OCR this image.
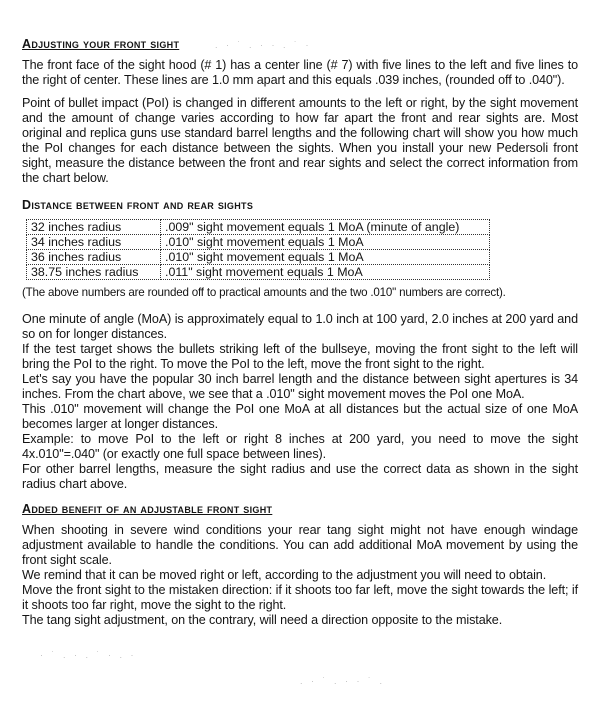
Adjusting your front sight	. · ˙ . · · . ˙ ·

The front face of the sight hood (# 1) has a center line (# 7) with five lines to the left and five lines to the right of center. These lines are 1.0 mm apart and this equals .039 inches, (rounded off to .040").

Point of bullet impact (PoI) is changed in different amounts to the left or right, by the sight movement and the amount of change varies according to how far apart the front and rear sights are. Most original and replica guns use standard barrel lengths and the following chart will show you how much the PoI changes for each distance between the sights. When you install your new Pedersoli front sight, measure the distance between the front and rear sights and select the correct information from the chart below.

Distance between front and rear sights
32 inches radius	.009" sight movement equals 1 MoA (minute of angle)
34 inches radius	.010" sight movement equals 1 MoA
36 inches radius	.010" sight movement equals 1 MoA
38.75 inches radius	.011" sight movement equals 1 MoA

(The above numbers are rounded off to practical amounts and the two .010" numbers are correct).

One minute of angle (MoA) is approximately equal to 1.0 inch at 100 yard, 2.0 inches at 200 yard and so on for longer distances.

If the test target shows the bullets striking left of the bullseye, moving the front sight to the left will bring the PoI to the right. To move the PoI to the left, move the front sight to the right.

Let's say you have the popular 30 inch barrel length and the distance between sight apertures is 34 inches. From the chart above, we see that a .010" sight movement moves the PoI one MoA.

This .010" movement will change the PoI one MoA at all distances but the actual size of one MoA becomes larger at longer distances.

Example: to move PoI to the left or right 8 inches at 200 yard, you need to move the sight 4x.010"=.040" (or exactly one full space between lines).

For other barrel lengths, measure the sight radius and use the correct data as shown in the sight radius chart above.

Added benefit of an adjustable front sight

When shooting in severe wind conditions your rear tang sight might not have enough windage adjustment available to handle the conditions. You can add additional MoA movement by using the front sight scale.

We remind that it can be moved right or left, according to the adjustment you will need to obtain.

Move the front sight to the mistaken direction: if it shoots too far left, move the sight towards the left; if it shoots too far right, move the sight to the right.

The tang sight adjustment, on the contrary, will need a direction opposite to the mistake.

· ˙ . · . ˙ · . ·
. · ˙ . · · ˙ .
